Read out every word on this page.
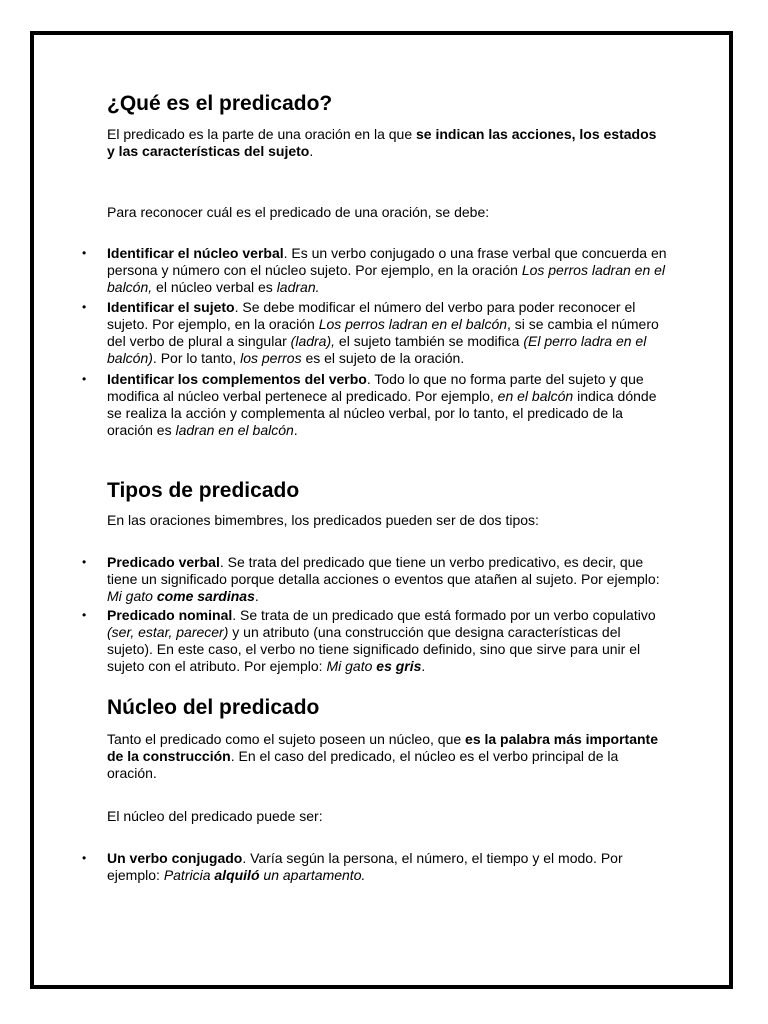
¿Qué es el predicado?

El predicado es la parte de una oración en la que se indican las acciones, los estados y las características del sujeto.

Para reconocer cuál es el predicado de una oración, se debe:

• Identificar el núcleo verbal. Es un verbo conjugado o una frase verbal que concuerda en persona y número con el núcleo sujeto. Por ejemplo, en la oración Los perros ladran en el balcón, el núcleo verbal es ladran.
• Identificar el sujeto. Se debe modificar el número del verbo para poder reconocer el sujeto. Por ejemplo, en la oración Los perros ladran en el balcón, si se cambia el número del verbo de plural a singular (ladra), el sujeto también se modifica (El perro ladra en el balcón). Por lo tanto, los perros es el sujeto de la oración.
• Identificar los complementos del verbo. Todo lo que no forma parte del sujeto y que modifica al núcleo verbal pertenece al predicado. Por ejemplo, en el balcón indica dónde se realiza la acción y complementa al núcleo verbal, por lo tanto, el predicado de la oración es ladran en el balcón.
Tipos de predicado

En las oraciones bimembres, los predicados pueden ser de dos tipos:

• Predicado verbal. Se trata del predicado que tiene un verbo predicativo, es decir, que tiene un significado porque detalla acciones o eventos que atañen al sujeto. Por ejemplo: Mi gato come sardinas.
• Predicado nominal. Se trata de un predicado que está formado por un verbo copulativo (ser, estar, parecer) y un atributo (una construcción que designa características del sujeto). En este caso, el verbo no tiene significado definido, sino que sirve para unir el sujeto con el atributo. Por ejemplo: Mi gato es gris.
Núcleo del predicado

Tanto el predicado como el sujeto poseen un núcleo, que es la palabra más importante de la construcción. En el caso del predicado, el núcleo es el verbo principal de la oración.

El núcleo del predicado puede ser:

• Un verbo conjugado. Varía según la persona, el número, el tiempo y el modo. Por ejemplo: Patricia alquiló un apartamento.
